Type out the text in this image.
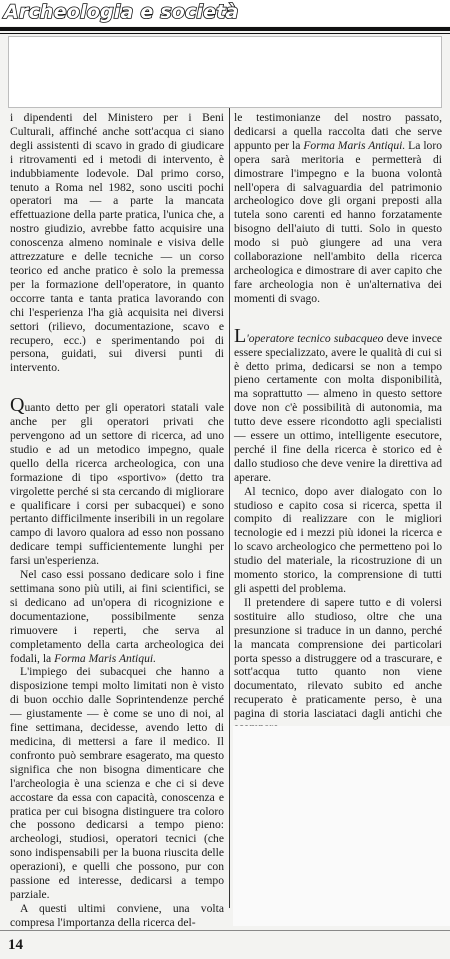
Archeologia e società

i dipendenti del Ministero per i Beni Culturali, affinché anche sott'acqua ci siano degli assistenti di scavo in grado di giudicare i ritrovamenti ed i metodi di intervento, è indubbiamente lodevole. Dal primo corso, tenuto a Roma nel 1982, sono usciti pochi operatori ma — a parte la mancata effettuazione della parte pratica, l'unica che, a nostro giudizio, avrebbe fatto acquisire una conoscenza almeno nominale e visiva delle attrezzature e delle tecniche — un corso teorico ed anche pratico è solo la premessa per la formazione dell'operatore, in quanto occorre tanta e tanta pratica lavorando con chi l'esperienza l'ha già acquisita nei diversi settori (rilievo, documentazione, scavo e recupero, ecc.) e sperimentando poi di persona, guidati, sui diversi punti di intervento.

Quanto detto per gli operatori statali vale anche per gli operatori privati che pervengono ad un settore di ricerca, ad uno studio e ad un metodico impegno, quale quello della ricerca archeologica, con una formazione di tipo «sportivo» (detto tra virgolette perché si sta cercando di migliorare e qualificare i corsi per subacquei) e sono pertanto difficilmente inseribili in un regolare campo di lavoro qualora ad esso non possano dedicare tempi sufficientemente lunghi per farsi un'esperienza.

Nel caso essi possano dedicare solo i fine settimana sono più utili, ai fini scientifici, se si dedicano ad un'opera di ricognizione e documentazione, possibilmente senza rimuovere i reperti, che serva al completamento della carta archeologica dei fodali, la Forma Maris Antiqui.

L'impiego dei subacquei che hanno a disposizione tempi molto limitati non è visto di buon occhio dalle Soprintendenze perché — giustamente — è come se uno di noi, al fine settimana, decidesse, avendo letto di medicina, di mettersi a fare il medico. Il confronto può sembrare esagerato, ma questo significa che non bisogna dimenticare che l'archeologia è una scienza e che ci si deve accostare da essa con capacità, conoscenza e pratica per cui bisogna distinguere tra coloro che possono dedicarsi a tempo pieno: archeologi, studiosi, operatori tecnici (che sono indispensabili per la buona riuscita delle operazioni), e quelli che possono, pur con passione ed interesse, dedicarsi a tempo parziale.

A questi ultimi conviene, una volta compresa l'importanza della ricerca del-

le testimonianze del nostro passato, dedicarsi a quella raccolta dati che serve appunto per la Forma Maris Antiqui. La loro opera sarà meritoria e permetterà di dimostrare l'impegno e la buona volontà nell'opera di salvaguardia del patrimonio archeologico dove gli organi preposti alla tutela sono carenti ed hanno forzatamente bisogno dell'aiuto di tutti. Solo in questo modo si può giungere ad una vera collaborazione nell'ambito della ricerca archeologica e dimostrare di aver capito che fare archeologia non è un'alternativa dei momenti di svago.

L'operatore tecnico subacqueo deve invece essere specializzato, avere le qualità di cui si è detto prima, dedicarsi se non a tempo pieno certamente con molta disponibilità, ma soprattutto — almeno in questo settore dove non c'è possibilità di autonomia, ma tutto deve essere ricondotto agli specialisti — essere un ottimo, intelligente esecutore, perché il fine della ricerca è storico ed è dallo studioso che deve venire la direttiva ad aperare.

Al tecnico, dopo aver dialogato con lo studioso e capito cosa si ricerca, spetta il compito di realizzare con le migliori tecnologie ed i mezzi più idonei la ricerca e lo scavo archeologico che permetteno poi lo studio del materiale, la ricostruzione di un momento storico, la comprensione di tutti gli aspetti del problema.

Il pretendere di sapere tutto e di volersi sostituire allo studioso, oltre che una presunzione si traduce in un danno, perché la mancata comprensione dei particolari porta spesso a distruggere od a trascurare, e sott'acqua tutto quanto non viene documentato, rilevato subito ed anche recuperato è praticamente perso, è una pagina di storia lasciataci dagli antichi che

14
